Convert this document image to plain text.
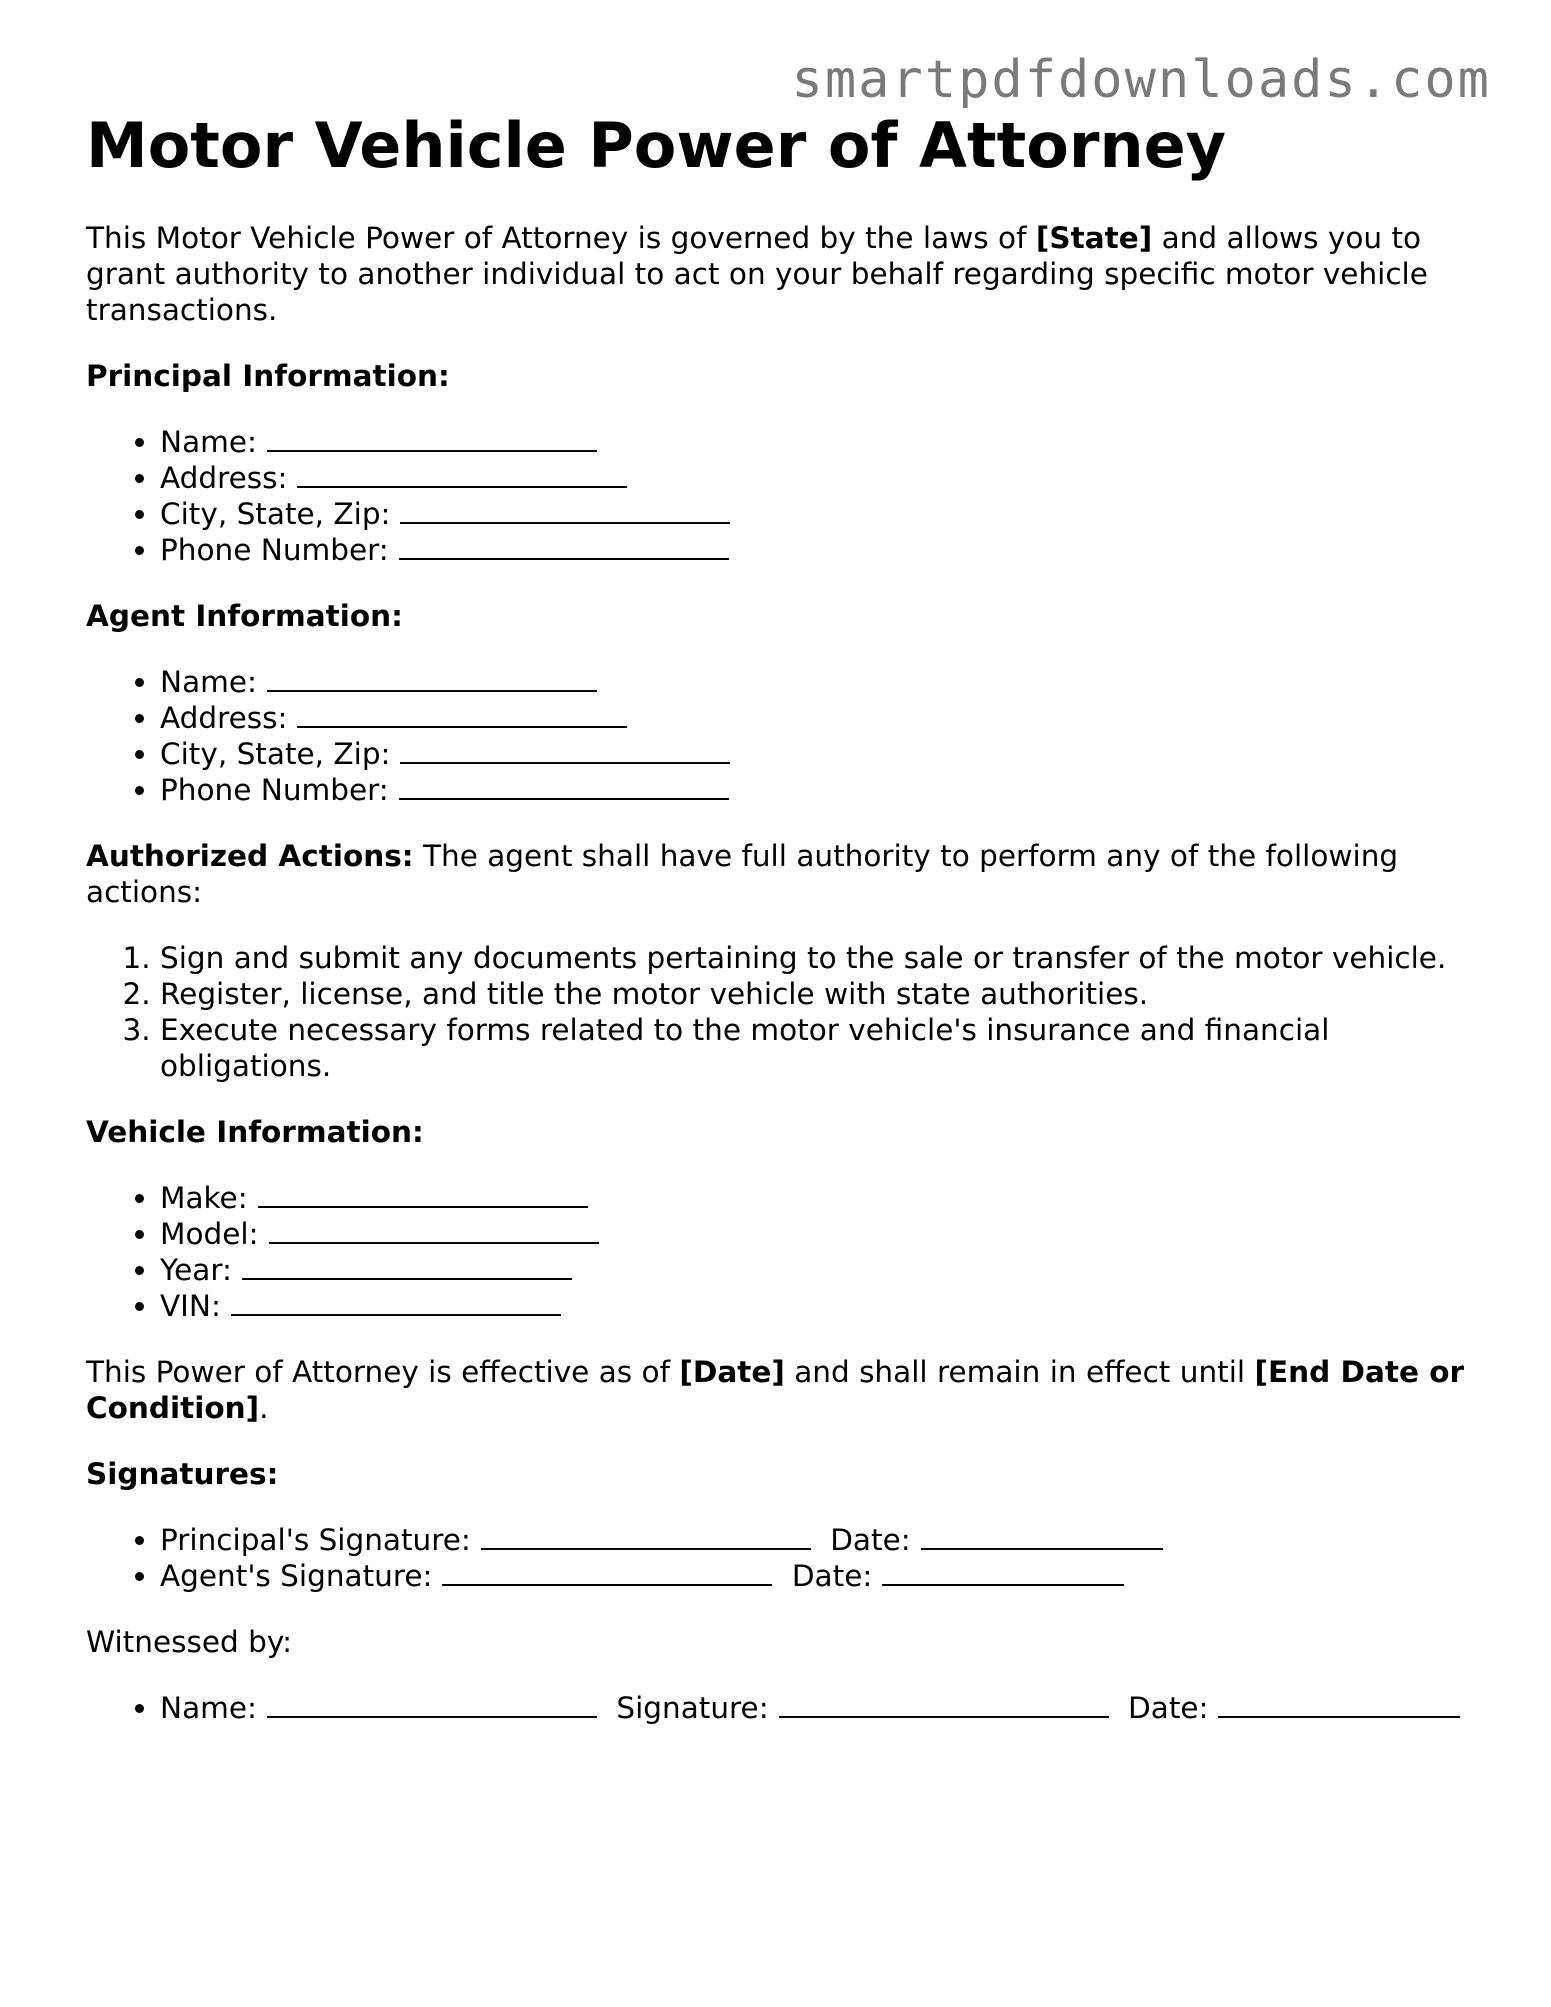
smartpdfdownloads.com
Motor Vehicle Power of Attorney

This Motor Vehicle Power of Attorney is governed by the laws of [State] and allows you to grant authority to another individual to act on your behalf regarding specific motor vehicle transactions.

Principal Information:

• Name:
• Address:
• City, State, Zip:
• Phone Number:

Agent Information:

• Name:
• Address:
• City, State, Zip:
• Phone Number:

Authorized Actions: The agent shall have full authority to perform any of the following actions:

1. Sign and submit any documents pertaining to the sale or transfer of the motor vehicle.
2. Register, license, and title the motor vehicle with state authorities.
3. Execute necessary forms related to the motor vehicle's insurance and financial obligations.

Vehicle Information:

• Make:
• Model:
• Year:
• VIN:

This Power of Attorney is effective as of [Date] and shall remain in effect until [End Date or Condition].

Signatures:

• Principal's Signature:	Date:
• Agent's Signature:	Date:

Witnessed by:

• Name:	Signature:	Date:
